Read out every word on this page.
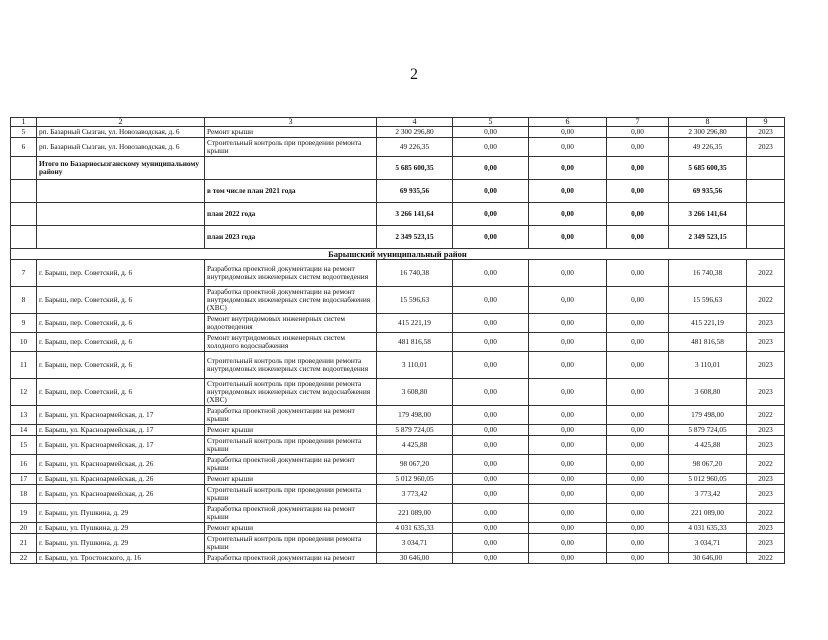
2
1	2	3	4	5	6	7	8	9
5	рп. Базарный Сызган, ул. Новозаводская, д. 6	Ремонт крыши	2 300 296,80	0,00	0,00	0,00	2 300 296,80	2023
6	рп. Базарный Сызган, ул. Новозаводская, д. 6	Строительный контроль при проведении ремонта крыши	49 226,35	0,00	0,00	0,00	49 226,35	2023
	Итого по Базарносызганскому муниципальному району		5 685 600,35	0,00	0,00	0,00	5 685 600,35	
		в том числе план 2021 года	69 935,56	0,00	0,00	0,00	69 935,56	
		план 2022 года	3 266 141,64	0,00	0,00	0,00	3 266 141,64	
		план 2023 года	2 349 523,15	0,00	0,00	0,00	2 349 523,15	
Барышский муниципальный район								
7	г. Барыш, пер. Советский, д. 6	Разработка проектной документации на ремонт внутридомовых инженерных систем водоотведения	16 740,38	0,00	0,00	0,00	16 740,38	2022
8	г. Барыш, пер. Советский, д. 6	Разработка проектной документации на ремонт внутридомовых инженерных систем водоснабжения (ХВС)	15 596,63	0,00	0,00	0,00	15 596,63	2022
9	г. Барыш, пер. Советский, д. 6	Ремонт внутридомовых инженерных систем водоотведения	415 221,19	0,00	0,00	0,00	415 221,19	2023
10	г. Барыш, пер. Советский, д. 6	Ремонт внутридомовых инженерных систем холодного водоснабжения	481 816,58	0,00	0,00	0,00	481 816,58	2023
11	г. Барыш, пер. Советский, д. 6	Строительный контроль при проведении ремонта внутридомовых инженерных систем водоотведения	3 110,01	0,00	0,00	0,00	3 110,01	2023
12	г. Барыш, пер. Советский, д. 6	Строительный контроль при проведении ремонта внутридомовых инженерных систем водоснабжения (ХВС)	3 608,80	0,00	0,00	0,00	3 608,80	2023
13	г. Барыш, ул. Красноармейская, д. 17	Разработка проектной документации на ремонт крыши	179 498,00	0,00	0,00	0,00	179 498,00	2022
14	г. Барыш, ул. Красноармейская, д. 17	Ремонт крыши	5 879 724,05	0,00	0,00	0,00	5 879 724,05	2023
15	г. Барыш, ул. Красноармейская, д. 17	Строительный контроль при проведении ремонта крыши	4 425,88	0,00	0,00	0,00	4 425,88	2023
16	г. Барыш, ул. Красноармейская, д. 26	Разработка проектной документации на ремонт крыши	98 067,20	0,00	0,00	0,00	98 067,20	2022
17	г. Барыш, ул. Красноармейская, д. 26	Ремонт крыши	5 012 960,05	0,00	0,00	0,00	5 012 960,05	2023
18	г. Барыш, ул. Красноармейская, д. 26	Строительный контроль при проведении ремонта крыши	3 773,42	0,00	0,00	0,00	3 773,42	2023
19	г. Барыш, ул. Пушкина, д. 29	Разработка проектной документации на ремонт крыши	221 089,00	0,00	0,00	0,00	221 089,00	2022
20	г. Барыш, ул. Пушкина, д. 29	Ремонт крыши	4 031 635,33	0,00	0,00	0,00	4 031 635,33	2023
21	г. Барыш, ул. Пушкина, д. 29	Строительный контроль при проведении ремонта крыши	3 034,71	0,00	0,00	0,00	3 034,71	2023
22	г. Барыш, ул. Тростонского, д. 16	Разработка проектной документации на ремонт	30 646,00	0,00	0,00	0,00	30 646,00	2022
